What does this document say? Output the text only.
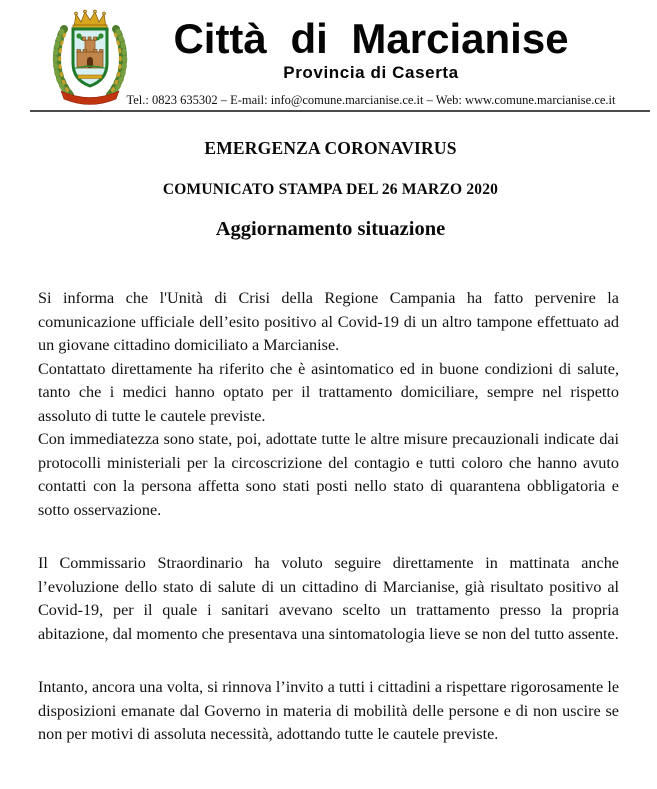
Città di Marcianise
Provincia di Caserta
Tel.: 0823 635302 – E-mail: info@comune.marcianise.ce.it – Web: www.comune.marcianise.ce.it
EMERGENZA CORONAVIRUS
COMUNICATO STAMPA DEL 26 MARZO 2020
Aggiornamento situazione

Si informa che l'Unità di Crisi della Regione Campania ha fatto pervenire la comunicazione ufficiale dell’esito positivo al Covid-19 di un altro tampone effettuato ad un giovane cittadino domiciliato a Marcianise.

Contattato direttamente ha riferito che è asintomatico ed in buone condizioni di salute, tanto che i medici hanno optato per il trattamento domiciliare, sempre nel rispetto assoluto di tutte le cautele previste.

Con immediatezza sono state, poi, adottate tutte le altre misure precauzionali indicate dai protocolli ministeriali per la circoscrizione del contagio e tutti coloro che hanno avuto contatti con la persona affetta sono stati posti nello stato di quarantena obbligatoria e sotto osservazione.

Il Commissario Straordinario ha voluto seguire direttamente in mattinata anche l’evoluzione dello stato di salute di un cittadino di Marcianise, già risultato positivo al Covid-19, per il quale i sanitari avevano scelto un trattamento presso la propria abitazione, dal momento che presentava una sintomatologia lieve se non del tutto assente.

Intanto, ancora una volta, si rinnova l’invito a tutti i cittadini a rispettare rigorosamente le disposizioni emanate dal Governo in materia di mobilità delle persone e di non uscire se non per motivi di assoluta necessità, adottando tutte le cautele previste.
